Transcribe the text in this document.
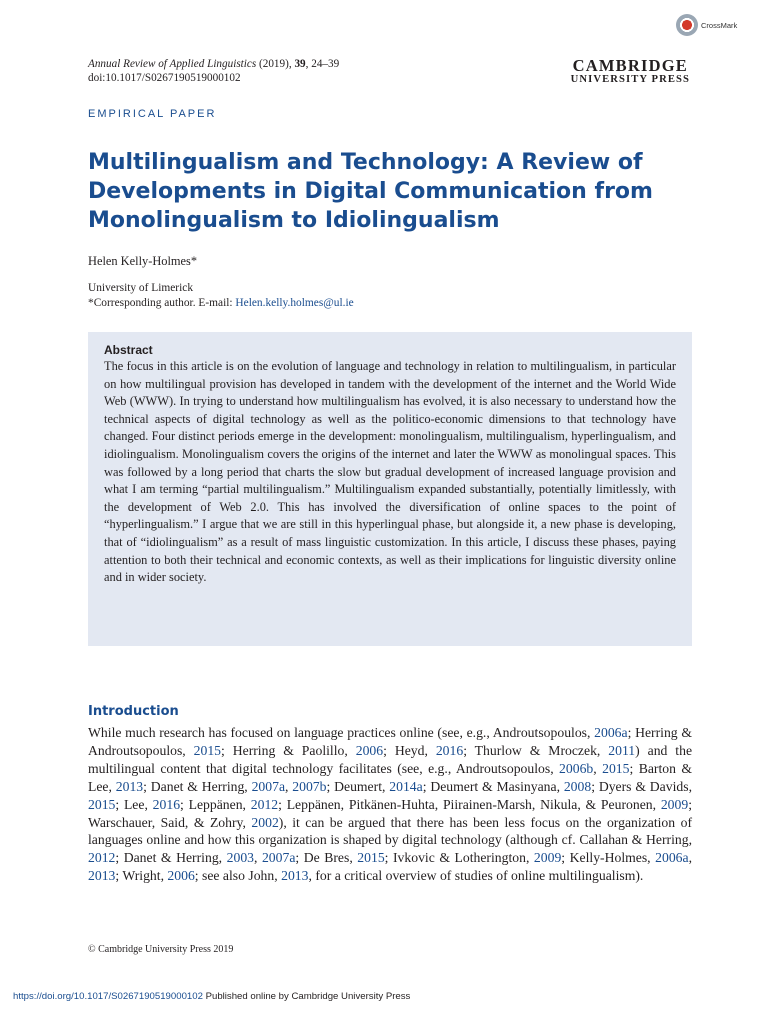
CrossMark
Annual Review of Applied Linguistics (2019), 39, 24–39
doi:10.1017/S0267190519000102
CAMBRIDGE
UNIVERSITY PRESS
EMPIRICAL PAPER
Multilingualism and Technology: A Review of Developments in Digital Communication from Monolingualism to Idiolingualism
Helen Kelly-Holmes*
University of Limerick
*Corresponding author. E-mail: Helen.kelly.holmes@ul.ie
Abstract

The focus in this article is on the evolution of language and technology in relation to multilingualism, in particular on how multilingual provision has developed in tandem with the development of the internet and the World Wide Web (WWW). In trying to understand how multilingualism has evolved, it is also necessary to understand how the technical aspects of digital technology as well as the politico-economic dimensions to that technology have changed. Four distinct periods emerge in the development: monolingualism, multilingualism, hyperlingualism, and idiolingualism. Monolingualism covers the origins of the internet and later the WWW as monolingual spaces. This was followed by a long period that charts the slow but gradual development of increased language provision and what I am terming “partial multilingualism.” Multilingualism expanded substantially, potentially limitlessly, with the development of Web 2.0. This has involved the diversification of online spaces to the point of “hyperlingualism.” I argue that we are still in this hyperlingual phase, but alongside it, a new phase is developing, that of “idiolingualism” as a result of mass linguistic customization. In this article, I discuss these phases, paying attention to both their technical and economic contexts, as well as their implications for linguistic diversity online and in wider society.

Introduction

While much research has focused on language practices online (see, e.g., Androutsopoulos, 2006a; Herring & Androutsopoulos, 2015; Herring & Paolillo, 2006; Heyd, 2016; Thurlow & Mroczek, 2011) and the multilingual content that digital technology facilitates (see, e.g., Androutsopoulos, 2006b, 2015; Barton & Lee, 2013; Danet & Herring, 2007a, 2007b; Deumert, 2014a; Deumert & Masinyana, 2008; Dyers & Davids, 2015; Lee, 2016; Leppänen, 2012; Leppänen, Pitkänen-Huhta, Piirainen-Marsh, Nikula, & Peuronen, 2009; Warschauer, Said, & Zohry, 2002), it can be argued that there has been less focus on the organization of languages online and how this organization is shaped by digital technology (although cf. Callahan & Herring, 2012; Danet & Herring, 2003, 2007a; De Bres, 2015; Ivkovic & Lotherington, 2009; Kelly-Holmes, 2006a, 2013; Wright, 2006; see also John, 2013, for a critical overview of studies of online multilingualism).

© Cambridge University Press 2019
https://doi.org/10.1017/S0267190519000102 Published online by Cambridge University Press
